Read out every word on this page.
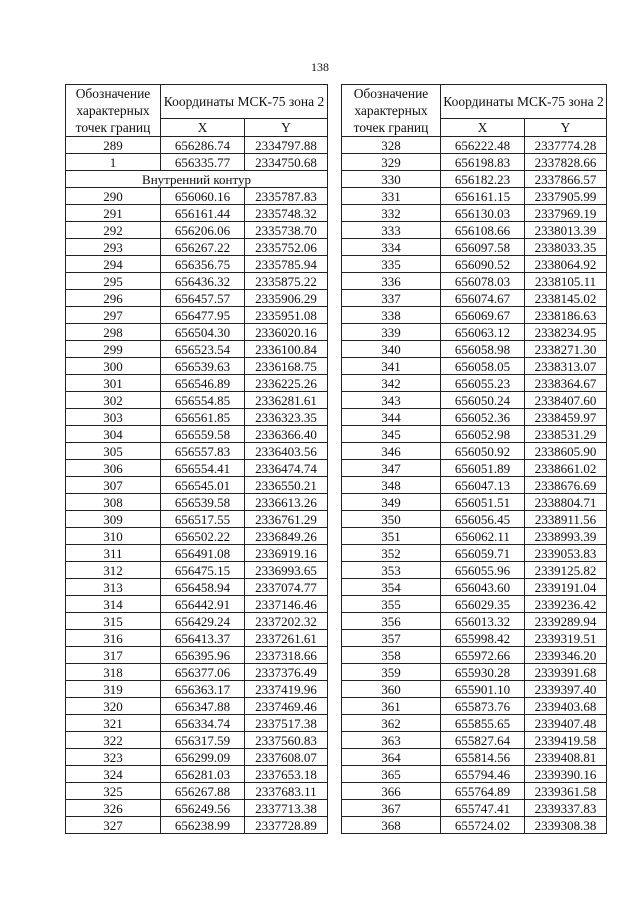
138
Обозначение характерных точек границ	Координаты МСК-75 зона 2	
	X	Y
289	656286.74	2334797.88
1	656335.77	2334750.68
Внутренний контур		
290	656060.16	2335787.83
291	656161.44	2335748.32
292	656206.06	2335738.70
293	656267.22	2335752.06
294	656356.75	2335785.94
295	656436.32	2335875.22
296	656457.57	2335906.29
297	656477.95	2335951.08
298	656504.30	2336020.16
299	656523.54	2336100.84
300	656539.63	2336168.75
301	656546.89	2336225.26
302	656554.85	2336281.61
303	656561.85	2336323.35
304	656559.58	2336366.40
305	656557.83	2336403.56
306	656554.41	2336474.74
307	656545.01	2336550.21
308	656539.58	2336613.26
309	656517.55	2336761.29
310	656502.22	2336849.26
311	656491.08	2336919.16
312	656475.15	2336993.65
313	656458.94	2337074.77
314	656442.91	2337146.46
315	656429.24	2337202.32
316	656413.37	2337261.61
317	656395.96	2337318.66
318	656377.06	2337376.49
319	656363.17	2337419.96
320	656347.88	2337469.46
321	656334.74	2337517.38
322	656317.59	2337560.83
323	656299.09	2337608.07
324	656281.03	2337653.18
325	656267.88	2337683.11
326	656249.56	2337713.38
327	656238.99	2337728.89
Обозначение характерных точек границ	Координаты МСК-75 зона 2	
	X	Y
328	656222.48	2337774.28
329	656198.83	2337828.66
330	656182.23	2337866.57
331	656161.15	2337905.99
332	656130.03	2337969.19
333	656108.66	2338013.39
334	656097.58	2338033.35
335	656090.52	2338064.92
336	656078.03	2338105.11
337	656074.67	2338145.02
338	656069.67	2338186.63
339	656063.12	2338234.95
340	656058.98	2338271.30
341	656058.05	2338313.07
342	656055.23	2338364.67
343	656050.24	2338407.60
344	656052.36	2338459.97
345	656052.98	2338531.29
346	656050.92	2338605.90
347	656051.89	2338661.02
348	656047.13	2338676.69
349	656051.51	2338804.71
350	656056.45	2338911.56
351	656062.11	2338993.39
352	656059.71	2339053.83
353	656055.96	2339125.82
354	656043.60	2339191.04
355	656029.35	2339236.42
356	656013.32	2339289.94
357	655998.42	2339319.51
358	655972.66	2339346.20
359	655930.28	2339391.68
360	655901.10	2339397.40
361	655873.76	2339403.68
362	655855.65	2339407.48
363	655827.64	2339419.58
364	655814.56	2339408.81
365	655794.46	2339390.16
366	655764.89	2339361.58
367	655747.41	2339337.83
368	655724.02	2339308.38
